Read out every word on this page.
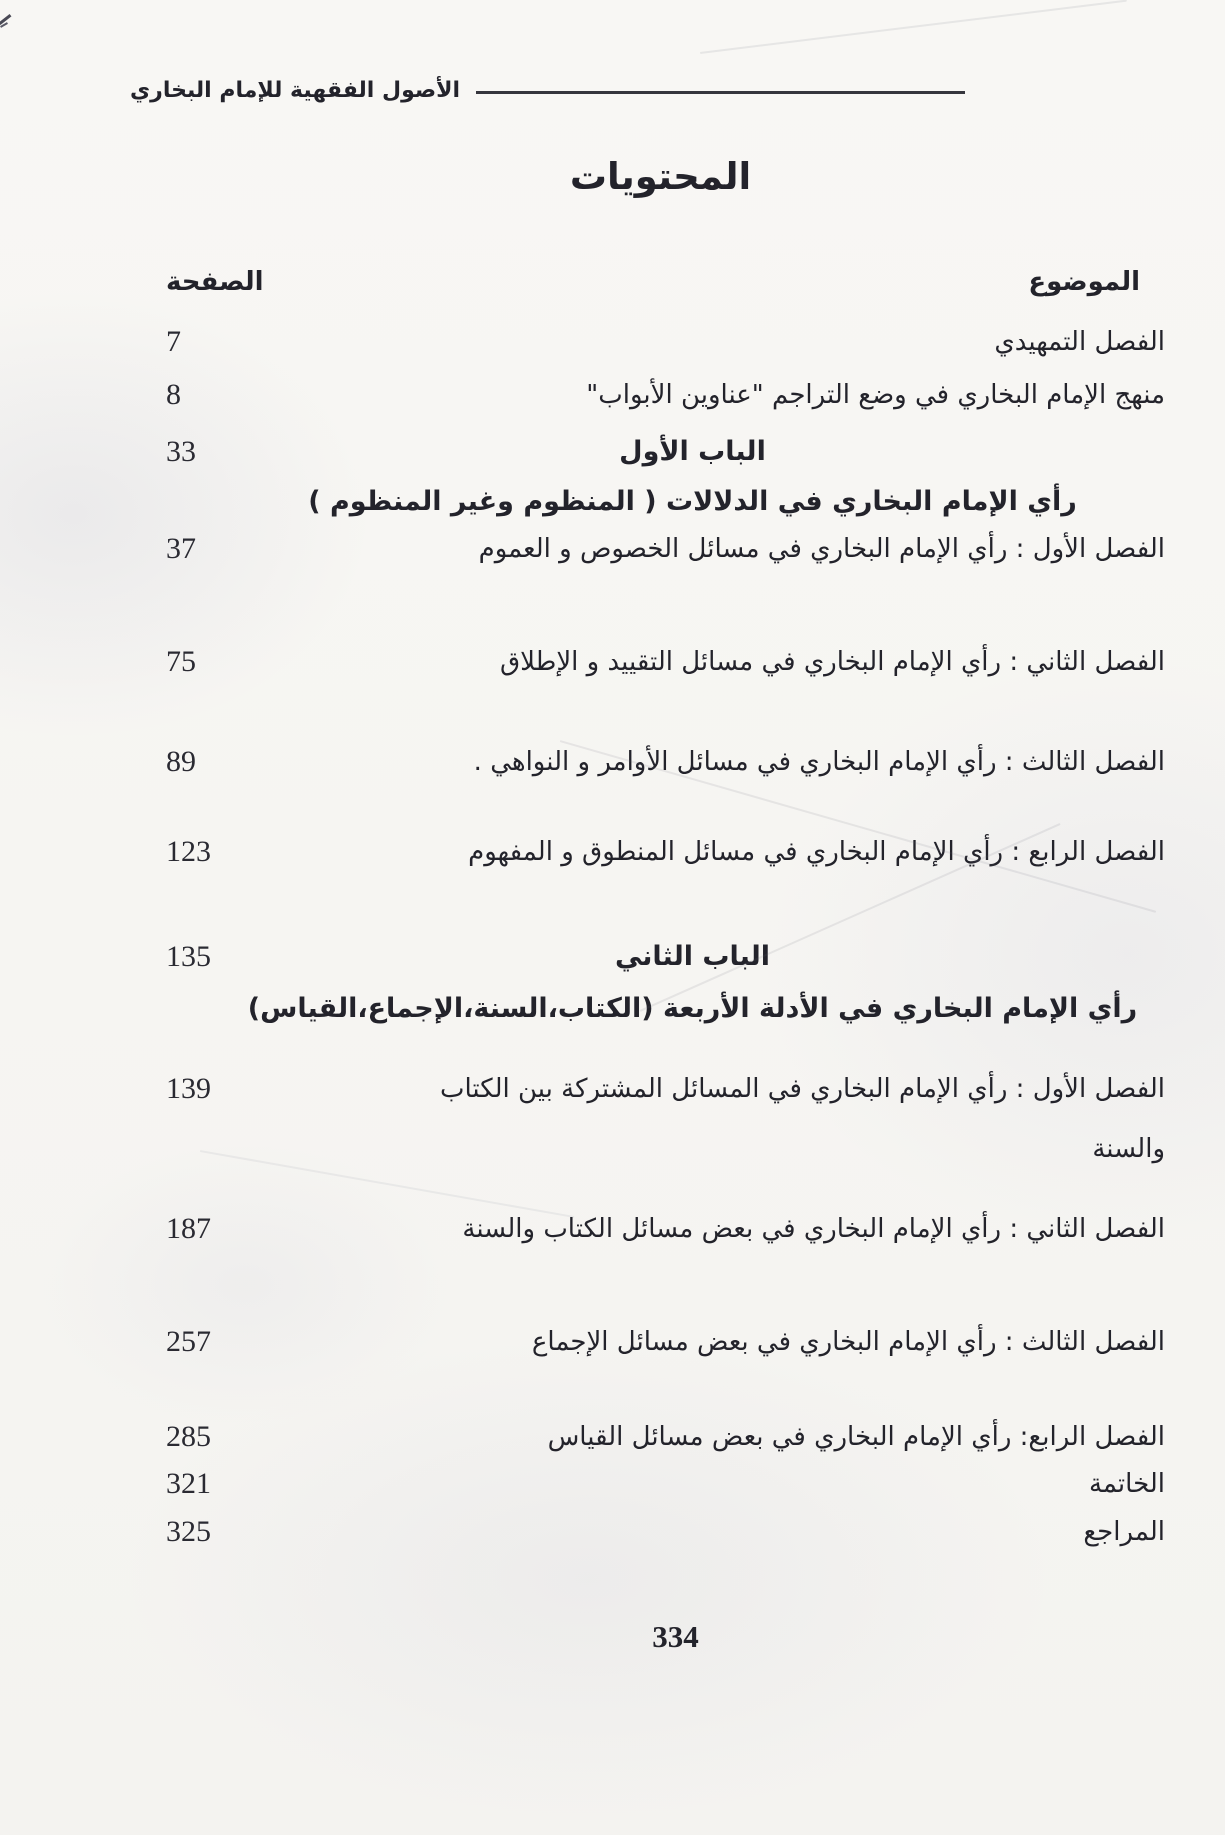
الأصول الفقهية للإمام البخاري
المحتويات
الصفحة	الموضوع
7	الفصل التمهيدي
8	منهج الإمام البخاري في وضع التراجم "عناوين الأبواب"
33	الباب الأول
رأي الإمام البخاري في الدلالات ( المنظوم وغير المنظوم )
37	الفصل الأول : رأي الإمام البخاري في مسائل الخصوص و العموم
75	الفصل الثاني : رأي الإمام البخاري في مسائل التقييد و الإطلاق
89	الفصل الثالث : رأي الإمام البخاري في مسائل الأوامر و النواهي .
123	الفصل الرابع : رأي الإمام البخاري في مسائل المنطوق و المفهوم
135	الباب الثاني
رأي الإمام البخاري في الأدلة الأربعة (الكتاب،السنة،الإجماع،القياس)
139	الفصل الأول : رأي الإمام البخاري في المسائل المشتركة بين الكتاب
والسنة
187	الفصل الثاني : رأي الإمام البخاري في بعض مسائل الكتاب والسنة
257	الفصل الثالث : رأي الإمام البخاري في بعض مسائل الإجماع
285	الفصل الرابع: رأي الإمام البخاري في بعض مسائل القياس
321	الخاتمة
325	المراجع
334
